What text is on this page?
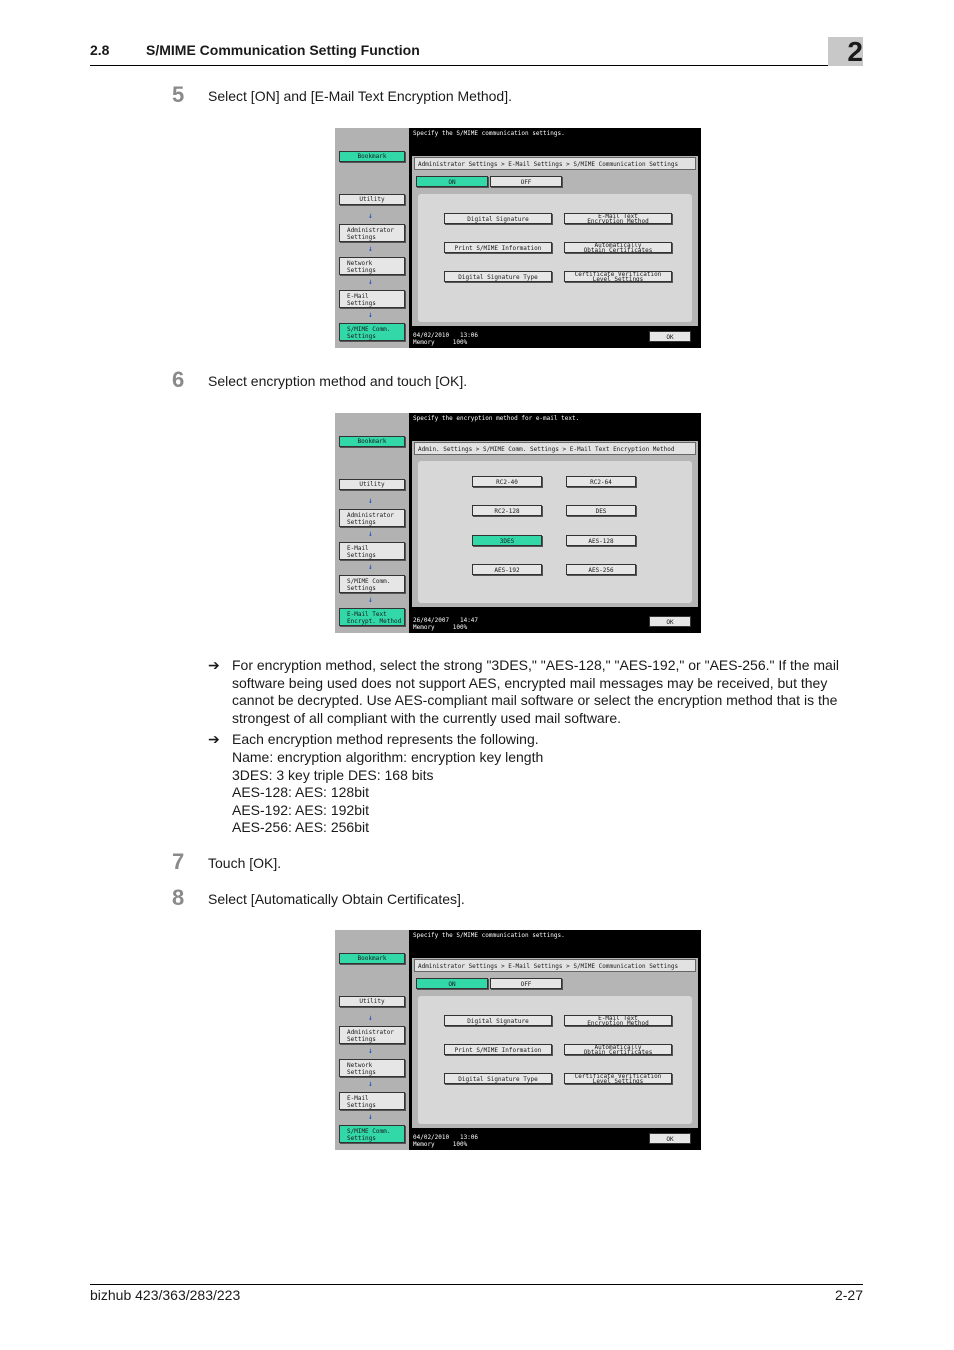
2.8	S/MIME Communication Setting Function	2
5 Select [ON] and [E-Mail Text Encryption Method].
Bookmark
Utility
↓
Administrator
Settings
↓
Network
Settings
↓
E-Mail
Settings
↓
S/MIME Comm.
Settings
Specify the S/MIME communication settings.
Administrator Settings > E-Mail Settings > S/MIME Communication Settings
ON	OFF
Digital Signature	E-Mail Text
Encryption Method
Print S/MIME Information	Automatically
Obtain Certificates
Digital Signature Type	Certificate Verification
Level Settings
04/02/2010 13:06
Memory	100%
OK
6 Select encryption method and touch [OK].
Bookmark
Utility
↓
Administrator
Settings
↓
E-Mail
Settings
↓
S/MIME Comm.
Settings
↓
E-Mail Text
Encrypt. Method
Specify the encryption method for e-mail text.
Admin. Settings > S/MIME Comm. Settings > E-Mail Text Encryption Method
RC2-40	RC2-64
RC2-128	DES
3DES	AES-128
AES-192	AES-256
26/04/2007 14:47
Memory	100%
OK
➔ For encryption method, select the strong "3DES," "AES-128," "AES-192," or "AES-256." If the mail software being used does not support AES, encrypted mail messages may be received, but they cannot be decrypted. Use AES-compliant mail software or select the encryption method that is the strongest of all compliant with the currently used mail software.
➔ Each encryption method represents the following.
Name: encryption algorithm: encryption key length
3DES: 3 key triple DES: 168 bits
AES-128: AES: 128bit
AES-192: AES: 192bit
AES-256: AES: 256bit
7 Touch [OK].
8 Select [Automatically Obtain Certificates].
Bookmark
Utility
↓
Administrator
Settings
↓
Network
Settings
↓
E-Mail
Settings
↓
S/MIME Comm.
Settings
Specify the S/MIME communication settings.
Administrator Settings > E-Mail Settings > S/MIME Communication Settings
ON	OFF
Digital Signature	E-Mail Text
Encryption Method
Print S/MIME Information	Automatically
Obtain Certificates
Digital Signature Type	Certificate Verification
Level Settings
04/02/2010 13:06
Memory	100%
OK
bizhub 423/363/283/223	2-27
